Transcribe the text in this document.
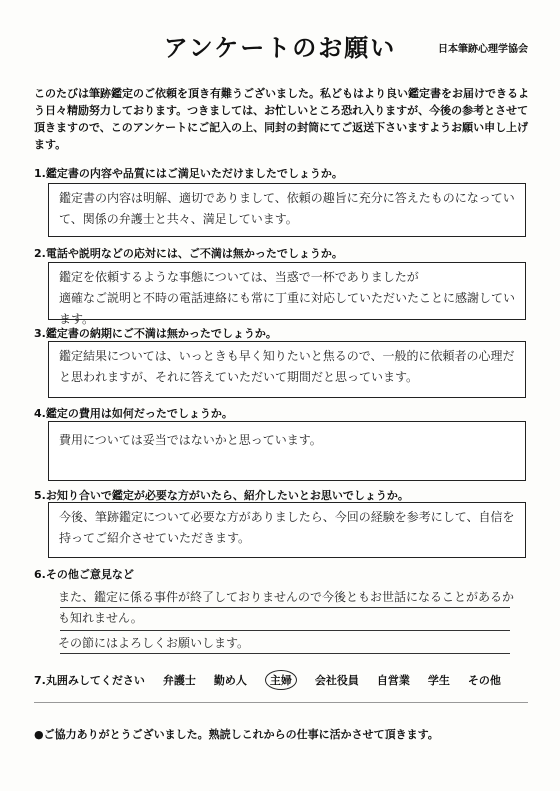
アンケートのお願い	日本筆跡心理学協会
このたびは筆跡鑑定のご依頼を頂き有難うございました。私どもはより良い鑑定書をお届けできるよう日々精励努力しております。つきましては、お忙しいところ恐れ入りますが、今後の参考とさせて頂きますので、このアンケートにご記入の上、同封の封筒にてご返送下さいますようお願い申し上げます。
1.鑑定書の内容や品質にはご満足いただけましたでしょうか。
鑑定書の内容は明解、適切でありまして、依頼の趣旨に充分に答えたものになっていて、関係の弁護士と共々、満足しています。
2.電話や説明などの応対には、ご不満は無かったでしょうか。
鑑定を依頼するような事態については、当惑で一杯でありましたが
適確なご説明と不時の電話連絡にも常に丁重に対応していただいたことに感謝しています。
3.鑑定書の納期にご不満は無かったでしょうか。
鑑定結果については、いっときも早く知りたいと焦るので、一般的に依頼者の心理だと思われますが、それに答えていただいて期間だと思っています。
4.鑑定の費用は如何だったでしょうか。
費用については妥当ではないかと思っています。
5.お知り合いで鑑定が必要な方がいたら、紹介したいとお思いでしょうか。
今後、筆跡鑑定について必要な方がありましたら、今回の経験を参考にして、自信を持ってご紹介させていただきます。
6.その他ご意見など
また、鑑定に係る事件が終了しておりませんので今後ともお世話になることがあるかも知れません。
その節にはよろしくお願いします。
7.丸囲みしてください 弁護士 勤め人	主婦	会社役員 自営業 学生 その他
●ご協力ありがとうございました。熟読しこれからの仕事に活かさせて頂きます。
